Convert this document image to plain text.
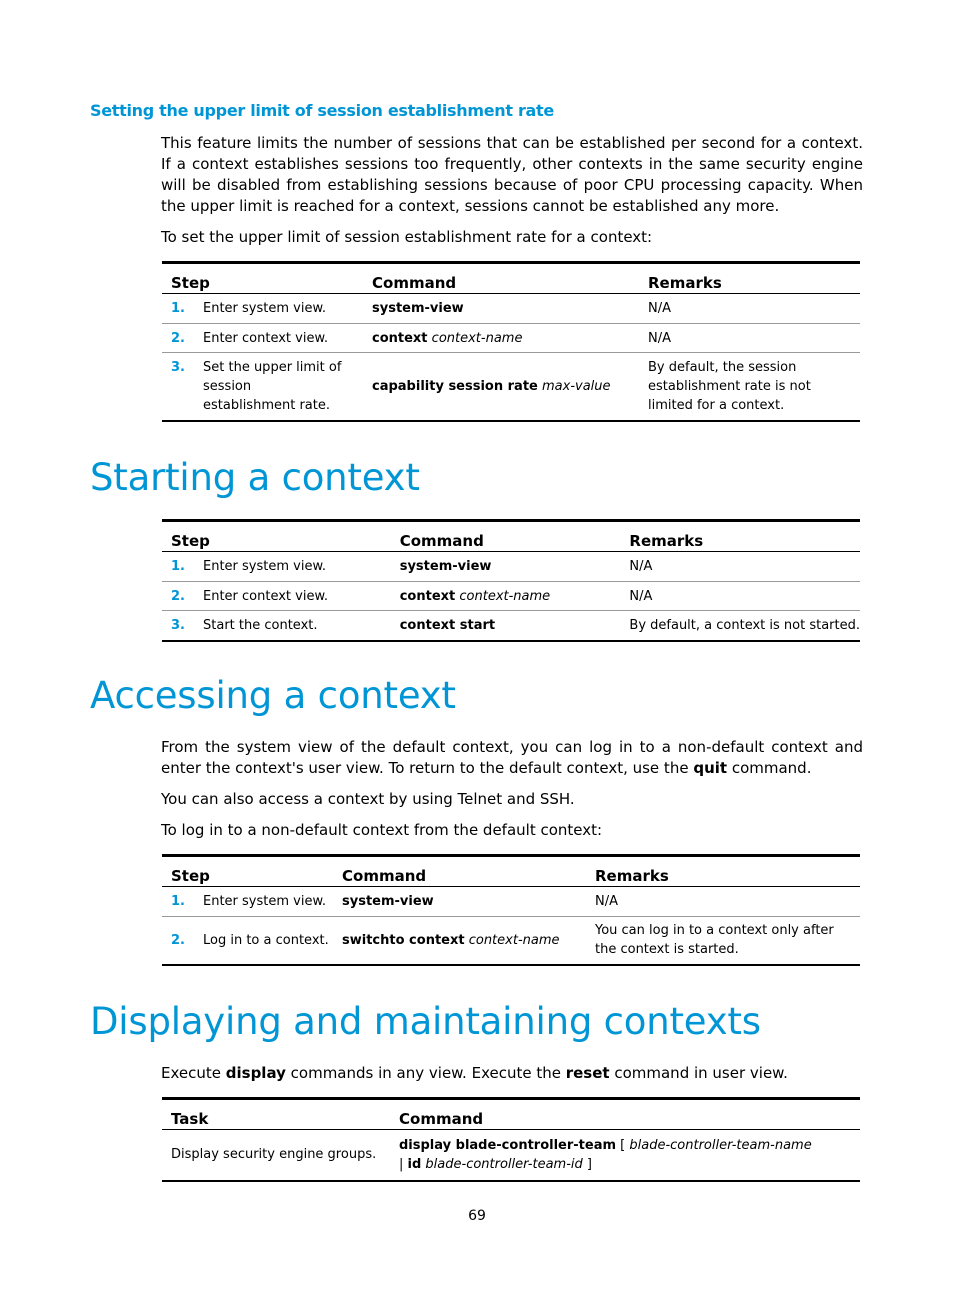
Setting the upper limit of session establishment rate
This feature limits the number of sessions that can be established per second for a context. If a context establishes sessions too frequently, other contexts in the same security engine will be disabled from establishing sessions because of poor CPU processing capacity. When the upper limit is reached for a context, sessions cannot be established any more.
To set the upper limit of session establishment rate for a context:
Step	Command	Remarks

1. Enter system view.	system-view	N/A

2. Enter context view.	context context-name	N/A

3. Set the upper limit of session establishment rate.	capability session rate max-value	By default, the session establishment rate is not limited for a context.
Starting a context
Step	Command	Remarks

1. Enter system view.	system-view	N/A

2. Enter context view.	context context-name	N/A

3. Start the context.	context start	By default, a context is not started.
Accessing a context
From the system view of the default context, you can log in to a non-default context and enter the context's user view. To return to the default context, use the quit command.
You can also access a context by using Telnet and SSH.
To log in to a non-default context from the default context:
Step	Command	Remarks

1. Enter system view.	system-view	N/A

2. Log in to a context.	switchto context context-name	You can log in to a context only after the context is started.
Displaying and maintaining contexts
Execute display commands in any view. Execute the reset command in user view.
Task	Command
Display security engine groups.	display blade-controller-team [ blade-controller-team-name | id blade-controller-team-id ]
69
